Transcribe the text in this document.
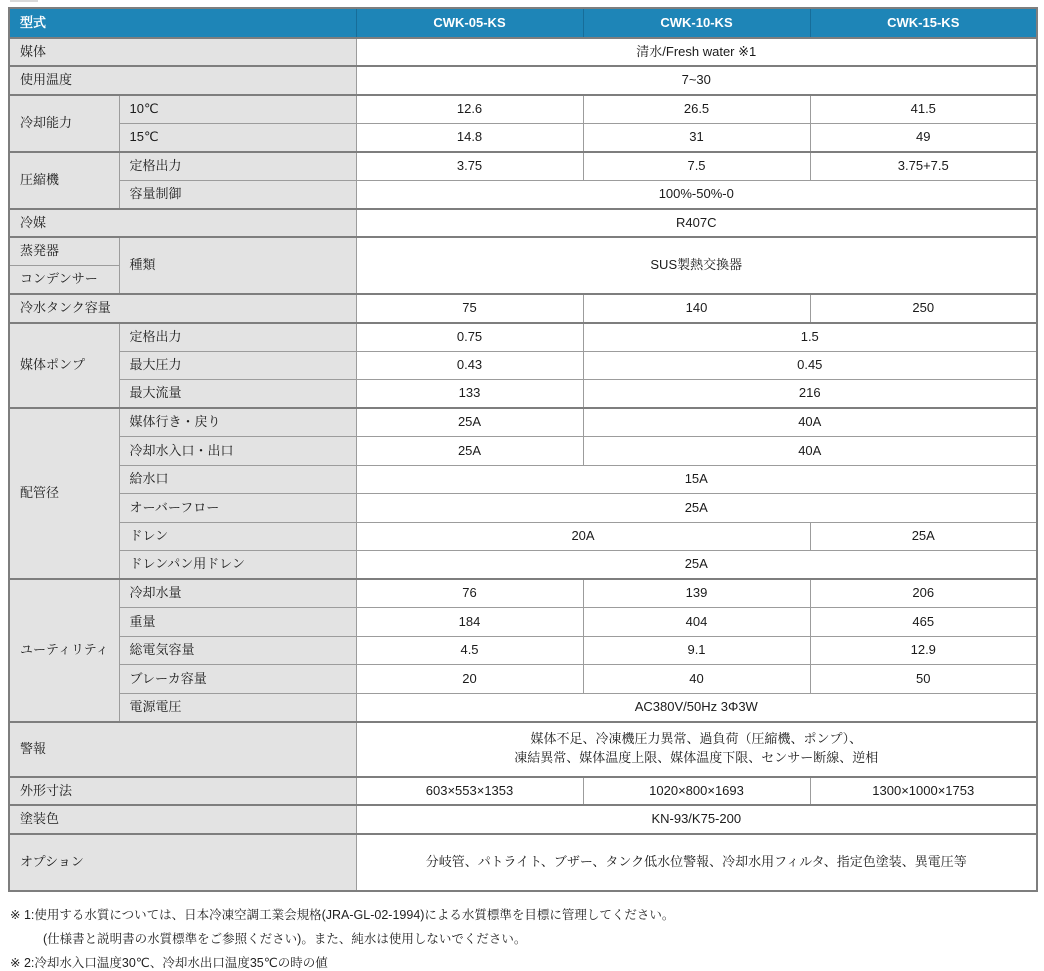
型式		CWK-05-KS	CWK-10-KS	CWK-15-KS
媒体		清水/Fresh water ※1		
使用温度		7~30		
冷却能力	10℃	12.6	26.5	41.5
	15℃	14.8	31	49
圧縮機	定格出力	3.75	7.5	3.75+7.5
	容量制御	100%-50%-0		
冷媒		R407C		
蒸発器	種類	SUS製熱交換器		
コンデンサー				
冷水タンク容量		75	140	250
媒体ポンプ	定格出力	0.75	1.5	
	最大圧力	0.43	0.45	
	最大流量	133	216	
配管径	媒体行き・戻り	25A	40A	
	冷却水入口・出口	25A	40A	
	給水口	15A		
	オーバーフロー	25A		
	ドレン	20A		25A
	ドレンパン用ドレン	25A		
ユーティリティ	冷却水量	76	139	206
	重量	184	404	465
	総電気容量	4.5	9.1	12.9
	ブレーカ容量	20	40	50
	電源電圧	AC380V/50Hz 3Φ3W		
警報		媒体不足、冷凍機圧力異常、過負荷（圧縮機、ポンプ）、
凍結異常、媒体温度上限、媒体温度下限、センサー断線、逆相		
外形寸法		603×553×1353	1020×800×1693	1300×1000×1753
塗装色		KN-93/K75-200		
オプション		分岐管、パトライト、ブザー、タンク低水位警報、冷却水用フィルタ、指定色塗装、異電圧等		
※ 1:使用する水質については、日本冷凍空調工業会規格(JRA-GL-02-1994)による水質標準を目標に管理してください。
(仕様書と説明書の水質標準をご参照ください)。また、純水は使用しないでください。
※ 2:冷却水入口温度30℃、冷却水出口温度35℃の時の値
